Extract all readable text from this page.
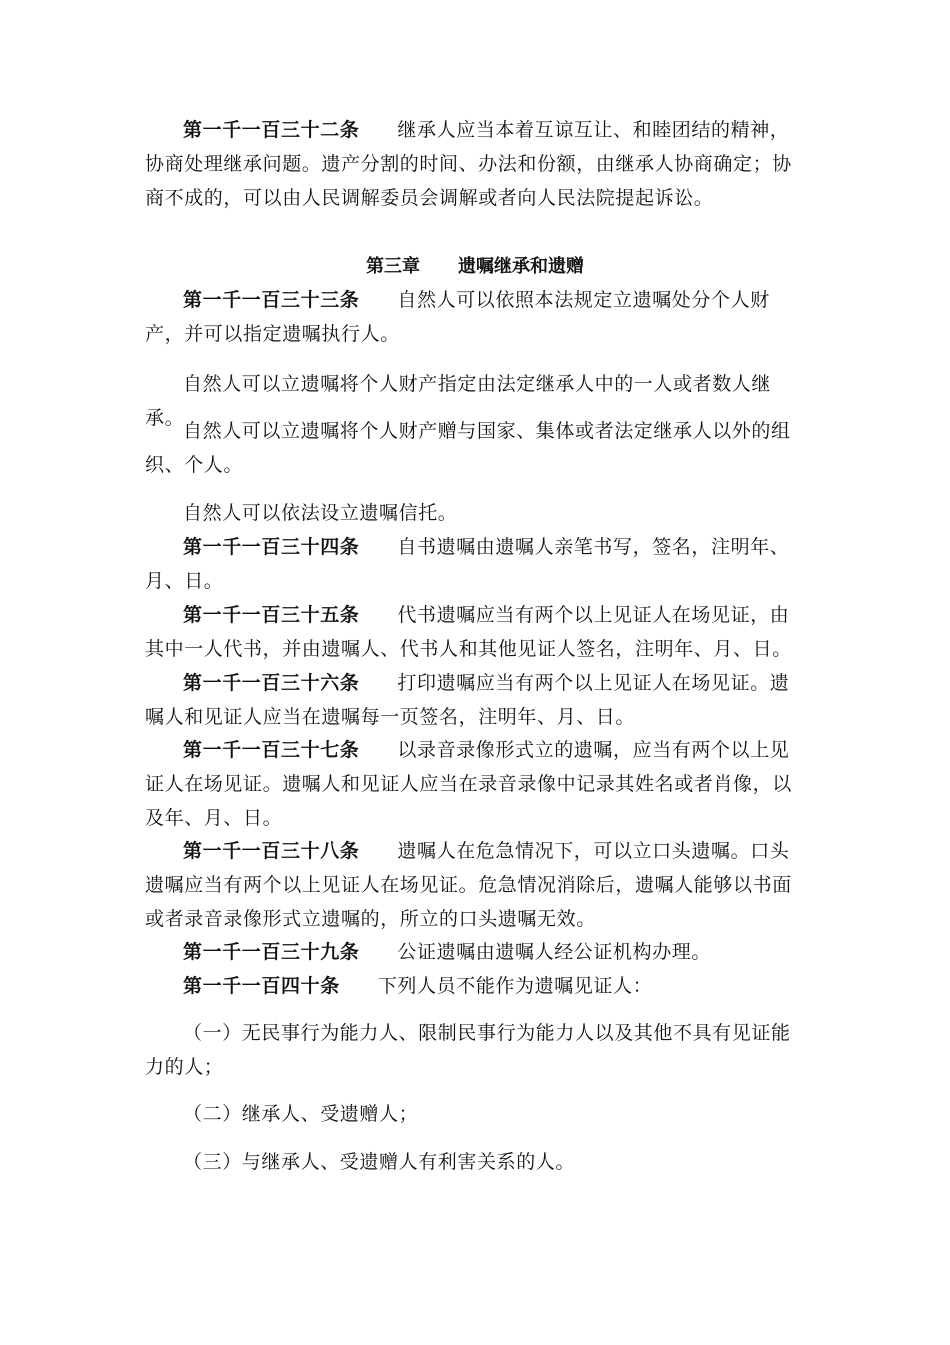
第一千一百三十二条 继承人应当本着互谅互让、和睦团结的精神，协商处理继承问题。遗产分割的时间、办法和份额，由继承人协商确定；协商不成的，可以由人民调解委员会调解或者向人民法院提起诉讼。

第三章 遗嘱继承和遗赠

第一千一百三十三条 自然人可以依照本法规定立遗嘱处分个人财产，并可以指定遗嘱执行人。

自然人可以立遗嘱将个人财产指定由法定继承人中的一人或者数人继承。

自然人可以立遗嘱将个人财产赠与国家、集体或者法定继承人以外的组织、个人。

自然人可以依法设立遗嘱信托。

第一千一百三十四条 自书遗嘱由遗嘱人亲笔书写，签名，注明年、月、日。

第一千一百三十五条 代书遗嘱应当有两个以上见证人在场见证，由其中一人代书，并由遗嘱人、代书人和其他见证人签名，注明年、月、日。

第一千一百三十六条 打印遗嘱应当有两个以上见证人在场见证。遗嘱人和见证人应当在遗嘱每一页签名，注明年、月、日。

第一千一百三十七条 以录音录像形式立的遗嘱，应当有两个以上见证人在场见证。遗嘱人和见证人应当在录音录像中记录其姓名或者肖像，以及年、月、日。

第一千一百三十八条 遗嘱人在危急情况下，可以立口头遗嘱。口头遗嘱应当有两个以上见证人在场见证。危急情况消除后，遗嘱人能够以书面或者录音录像形式立遗嘱的，所立的口头遗嘱无效。

第一千一百三十九条 公证遗嘱由遗嘱人经公证机构办理。

第一千一百四十条 下列人员不能作为遗嘱见证人：

（一）无民事行为能力人、限制民事行为能力人以及其他不具有见证能力的人；

（二）继承人、受遗赠人；

（三）与继承人、受遗赠人有利害关系的人。
